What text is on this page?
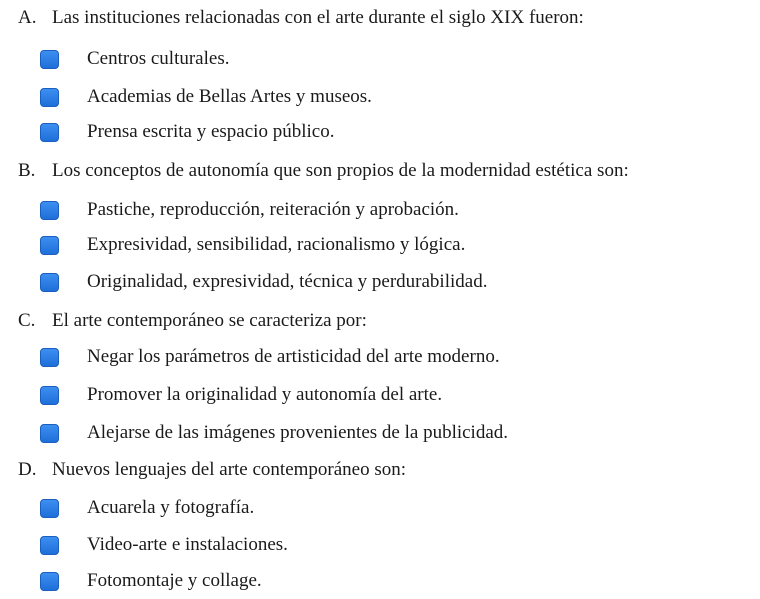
A. Las instituciones relacionadas con el arte durante el siglo XIX fueron:
Centros culturales.
Academias de Bellas Artes y museos.
Prensa escrita y espacio público.
B. Los conceptos de autonomía que son propios de la modernidad estética son:
Pastiche, reproducción, reiteración y aprobación.
Expresividad, sensibilidad, racionalismo y lógica.
Originalidad, expresividad, técnica y perdurabilidad.
C. El arte contemporáneo se caracteriza por:
Negar los parámetros de artisticidad del arte moderno.
Promover la originalidad y autonomía del arte.
Alejarse de las imágenes provenientes de la publicidad.
D. Nuevos lenguajes del arte contemporáneo son:
Acuarela y fotografía.
Video-arte e instalaciones.
Fotomontaje y collage.
